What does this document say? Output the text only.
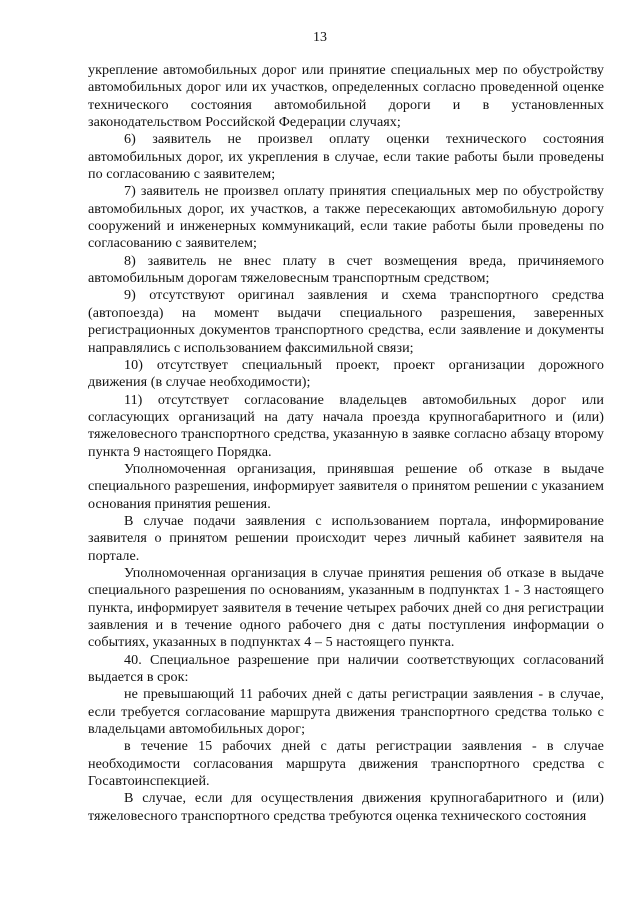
13

укрепление автомобильных дорог или принятие специальных мер по обустройству автомобильных дорог или их участков, определенных согласно проведенной оценке технического состояния автомобильной дороги и в установленных законодательством Российской Федерации случаях;

6) заявитель не произвел оплату оценки технического состояния автомобильных дорог, их укрепления в случае, если такие работы были проведены по согласованию с заявителем;

7) заявитель не произвел оплату принятия специальных мер по обустройству автомобильных дорог, их участков, а также пересекающих автомобильную дорогу сооружений и инженерных коммуникаций, если такие работы были проведены по согласованию с заявителем;

8) заявитель не внес плату в счет возмещения вреда, причиняемого автомобильным дорогам тяжеловесным транспортным средством;

9) отсутствуют оригинал заявления и схема транспортного средства (автопоезда) на момент выдачи специального разрешения, заверенных регистрационных документов транспортного средства, если заявление и документы направлялись с использованием факсимильной связи;

10) отсутствует специальный проект, проект организации дорожного движения (в случае необходимости);

11) отсутствует согласование владельцев автомобильных дорог или согласующих организаций на дату начала проезда крупногабаритного и (или) тяжеловесного транспортного средства, указанную в заявке согласно абзацу второму пункта 9 настоящего Порядка.

Уполномоченная организация, принявшая решение об отказе в выдаче специального разрешения, информирует заявителя о принятом решении с указанием основания принятия решения.

В случае подачи заявления с использованием портала, информирование заявителя о принятом решении происходит через личный кабинет заявителя на портале.

Уполномоченная организация в случае принятия решения об отказе в выдаче специального разрешения по основаниям, указанным в подпунктах 1 - 3 настоящего пункта, информирует заявителя в течение четырех рабочих дней со дня регистрации заявления и в течение одного рабочего дня с даты поступления информации о событиях, указанных в подпунктах 4 – 5 настоящего пункта.

40. Специальное разрешение при наличии соответствующих согласований выдается в срок:

не превышающий 11 рабочих дней с даты регистрации заявления - в случае, если требуется согласование маршрута движения транспортного средства только с владельцами автомобильных дорог;

в течение 15 рабочих дней с даты регистрации заявления - в случае необходимости согласования маршрута движения транспортного средства с Госавтоинспекцией.

В случае, если для осуществления движения крупногабаритного и (или) тяжеловесного транспортного средства требуются оценка технического состояния
